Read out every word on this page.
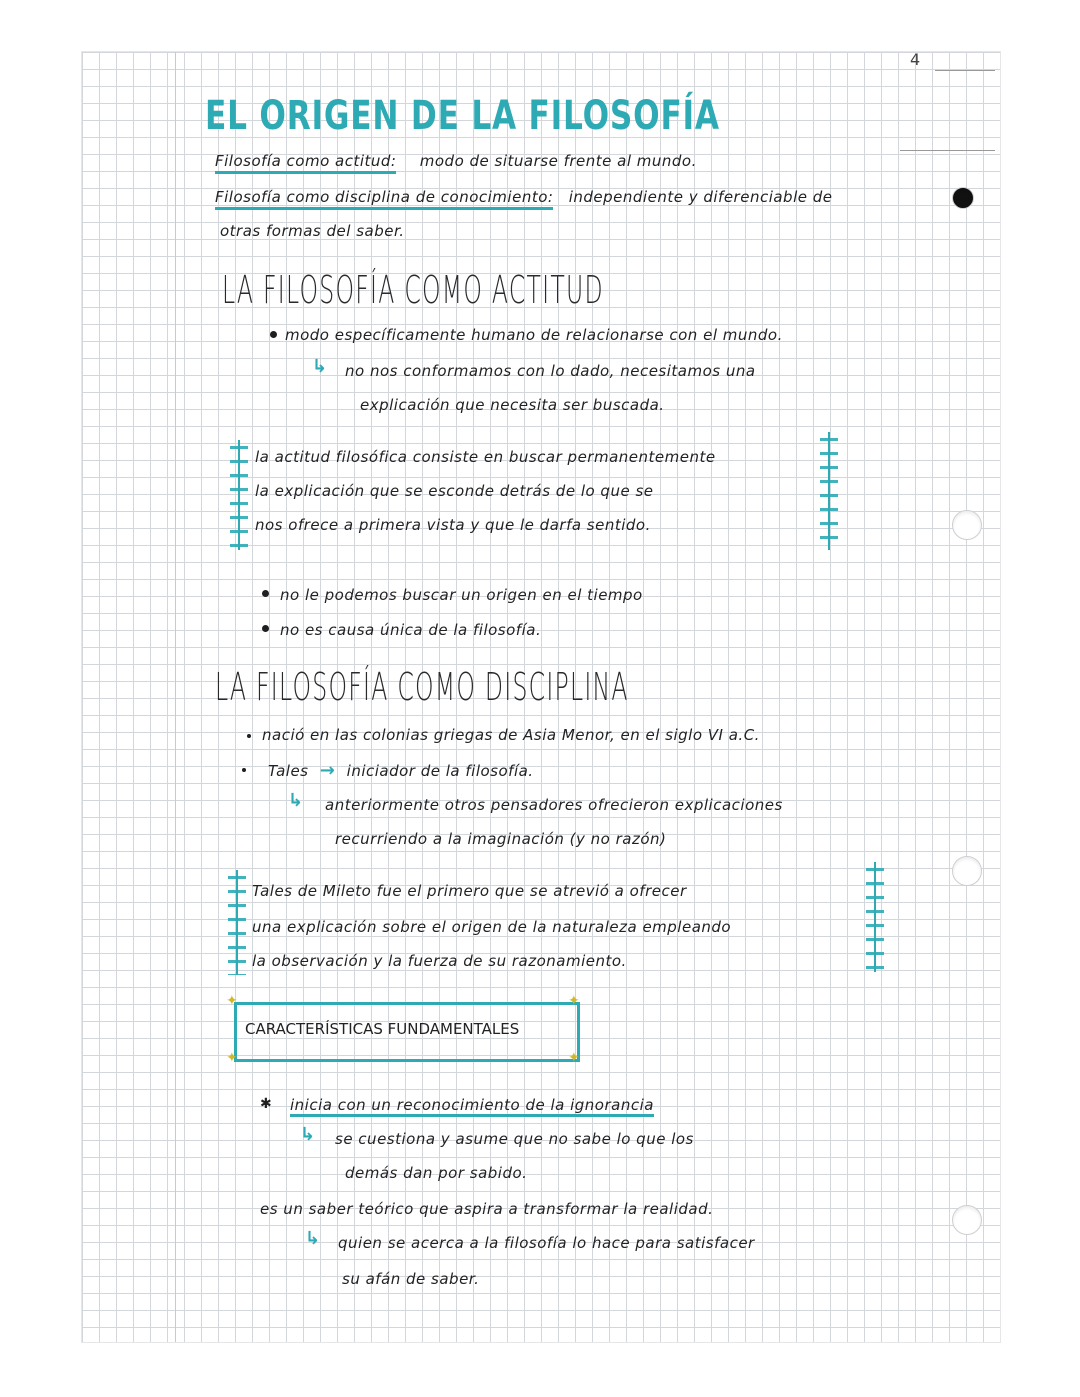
4
EL ORIGEN DE LA FILOSOFÍA
Filosofía como actitud: modo de situarse frente al mundo.
Filosofía como disciplina de conocimiento: independiente y diferenciable de
otras formas del saber.
LA FILOSOFÍA COMO ACTITUD
modo específicamente humano de relacionarse con el mundo.
↳ no nos conformamos con lo dado, necesitamos una
explicación que necesita ser buscada.
la actitud filosófica consiste en buscar permanentemente
la explicación que se esconde detrás de lo que se
nos ofrece a primera vista y que le darfa sentido.
no le podemos buscar un origen en el tiempo
no es causa única de la filosofía.
LA FILOSOFÍA COMO DISCIPLINA
nació en las colonias griegas de Asia Menor, en el siglo VI a.C.
Tales → iniciador de la filosofía.
↳ anteriormente otros pensadores ofrecieron explicaciones
recurriendo a la imaginación (y no razón)
Tales de Mileto fue el primero que se atrevió a ofrecer
una explicación sobre el origen de la naturaleza empleando
la observación y la fuerza de su razonamiento.
✦	✦
✦	✦
CARACTERÍSTICAS FUNDAMENTALES
✱ inicia con un reconocimiento de la ignorancia
↳ se cuestiona y asume que no sabe lo que los
demás dan por sabido.
es un saber teórico que aspira a transformar la realidad.
↳ quien se acerca a la filosofía lo hace para satisfacer
su afán de saber.
